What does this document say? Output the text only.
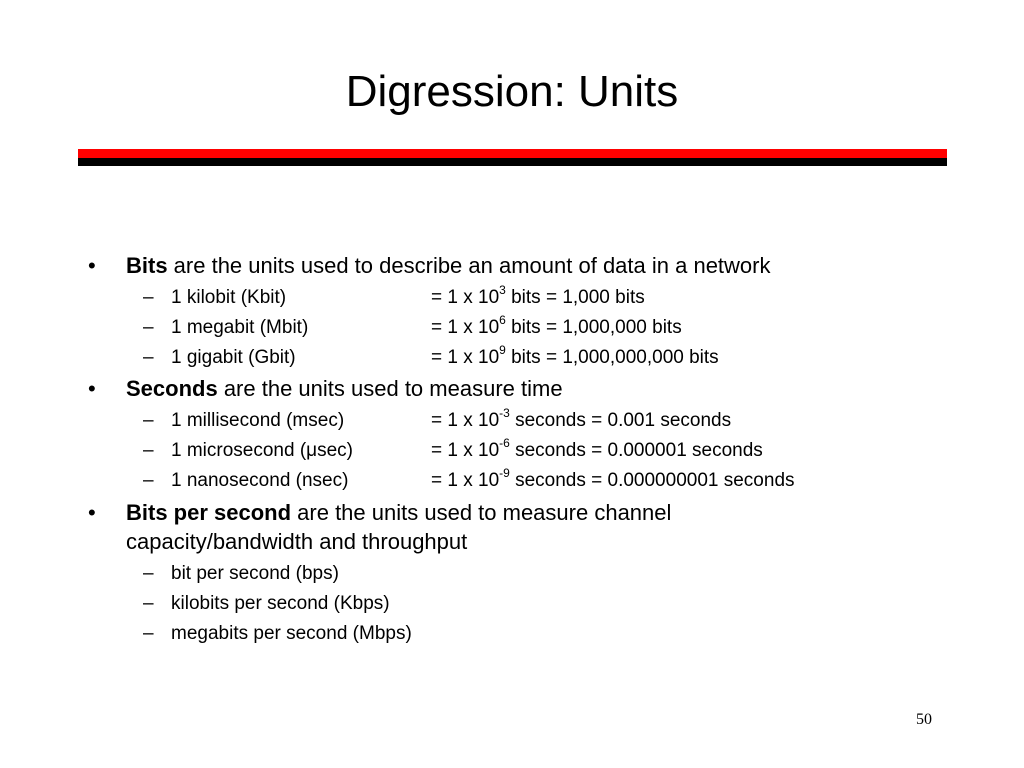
Digression: Units
• Bits are the units used to describe an amount of data in a network
– 1 kilobit (Kbit)	= 1 x $10^3$ bits = 1,000 bits
– 1 megabit (Mbit)	= 1 x $10^6$ bits = 1,000,000 bits
– 1 gigabit (Gbit)	= 1 x $10^9$ bits = 1,000,000,000 bits
• Seconds are the units used to measure time
– 1 millisecond (msec)	= 1 x $10^{-3}$ seconds = 0.001 seconds
– 1 microsecond (μsec)	= 1 x $10^{-6}$ seconds = 0.000001 seconds
– 1 nanosecond (nsec)	= 1 x $10^{-9}$ seconds = 0.000000001 seconds
• Bits per second are the units used to measure channel
capacity/bandwidth and throughput
– bit per second (bps)
– kilobits per second (Kbps)
– megabits per second (Mbps)
50
